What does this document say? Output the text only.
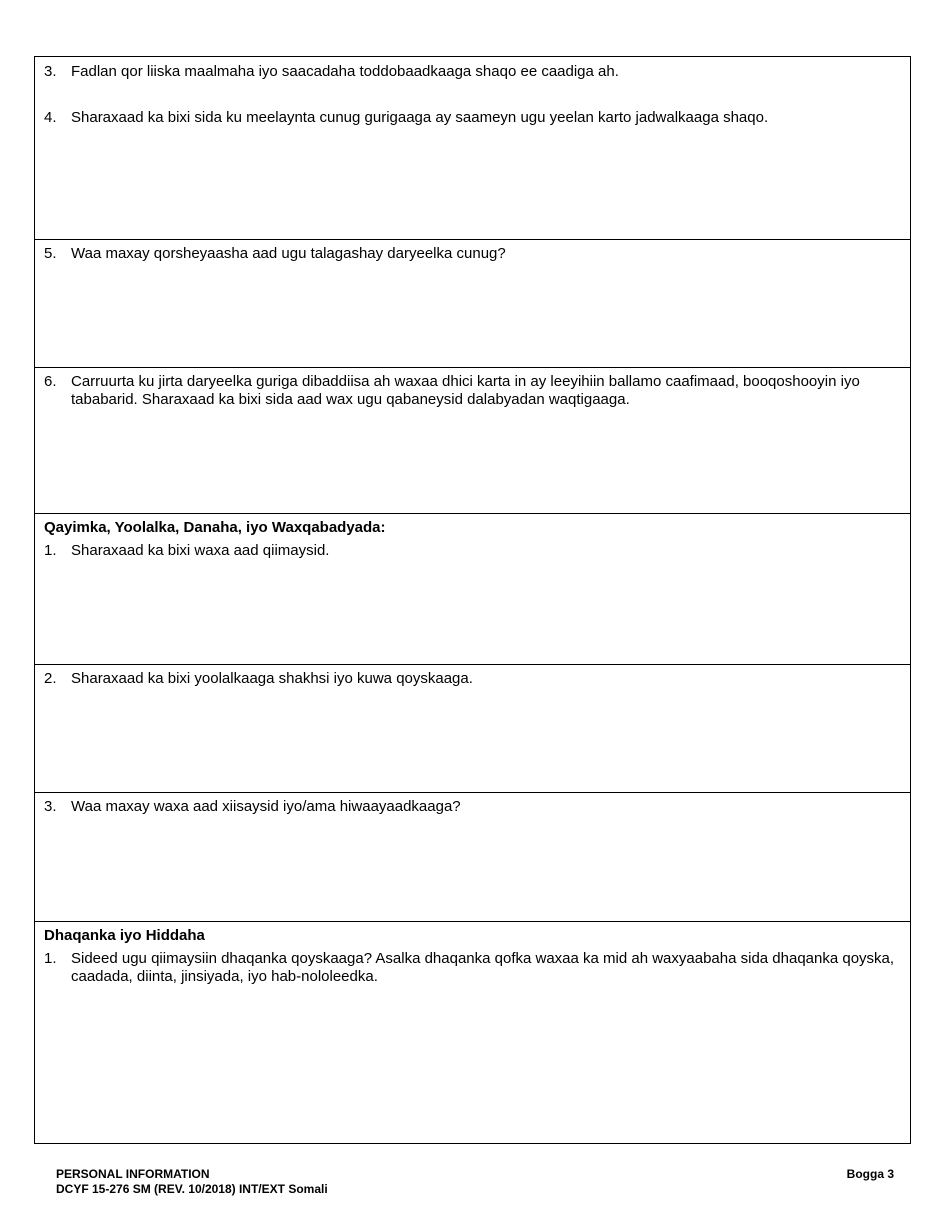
3. Fadlan qor liiska maalmaha iyo saacadaha toddobaadkaaga shaqo ee caadiga ah.
4. Sharaxaad ka bixi sida ku meelaynta cunug gurigaaga ay saameyn ugu yeelan karto jadwalkaaga shaqo.
5. Waa maxay qorsheyaasha aad ugu talagashay daryeelka cunug?
6. Carruurta ku jirta daryeelka guriga dibaddiisa ah waxaa dhici karta in ay leeyihiin ballamo caafimaad, booqoshooyin iyo tababarid. Sharaxaad ka bixi sida aad wax ugu qabaneysid dalabyadan waqtigaaga.
Qayimka, Yoolalka, Danaha, iyo Waxqabadyada:
1. Sharaxaad ka bixi waxa aad qiimaysid.
2. Sharaxaad ka bixi yoolalkaaga shakhsi iyo kuwa qoyskaaga.
3. Waa maxay waxa aad xiisaysid iyo/ama hiwaayaadkaaga?
Dhaqanka iyo Hiddaha
1. Sideed ugu qiimaysiin dhaqanka qoyskaaga? Asalka dhaqanka qofka waxaa ka mid ah waxyaabaha sida dhaqanka qoyska, caadada, diinta, jinsiyada, iyo hab-nololeedka.
PERSONAL INFORMATION
DCYF 15-276 SM (REV. 10/2018) INT/EXT Somali
Bogga 3
